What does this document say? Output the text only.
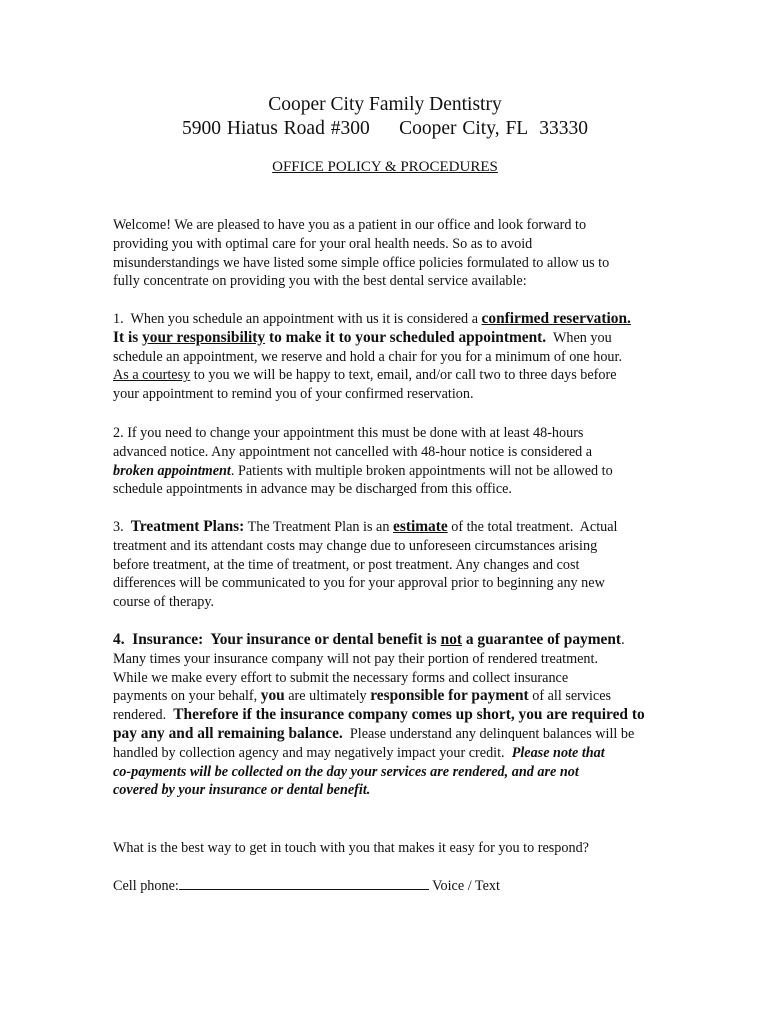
Cooper City Family Dentistry
5900 Hiatus Road #300     Cooper City, FL  33330
OFFICE POLICY & PROCEDURES
Welcome! We are pleased to have you as a patient in our office and look forward to
providing you with optimal care for your oral health needs. So as to avoid
misunderstandings we have listed some simple office policies formulated to allow us to
fully concentrate on providing you with the best dental service available:
1.  When you schedule an appointment with us it is considered a confirmed reservation.
It is your responsibility to make it to your scheduled appointment.  When you
schedule an appointment, we reserve and hold a chair for you for a minimum of one hour.
As a courtesy to you we will be happy to text, email, and/or call two to three days before
your appointment to remind you of your confirmed reservation.
2. If you need to change your appointment this must be done with at least 48-hours
advanced notice. Any appointment not cancelled with 48-hour notice is considered a
broken appointment. Patients with multiple broken appointments will not be allowed to
schedule appointments in advance may be discharged from this office.
3.  Treatment Plans: The Treatment Plan is an estimate of the total treatment.  Actual
treatment and its attendant costs may change due to unforeseen circumstances arising
before treatment, at the time of treatment, or post treatment. Any changes and cost
differences will be communicated to you for your approval prior to beginning any new
course of therapy.
4.  Insurance:  Your insurance or dental benefit is not a guarantee of payment.
Many times your insurance company will not pay their portion of rendered treatment.
While we make every effort to submit the necessary forms and collect insurance
payments on your behalf, you are ultimately responsible for payment of all services
rendered.  Therefore if the insurance company comes up short, you are required to
pay any and all remaining balance.  Please understand any delinquent balances will be
handled by collection agency and may negatively impact your credit.  Please note that
co-payments will be collected on the day your services are rendered, and are not
covered by your insurance or dental benefit.
What is the best way to get in touch with you that makes it easy for you to respond?
Cell phone:	Voice / Text
